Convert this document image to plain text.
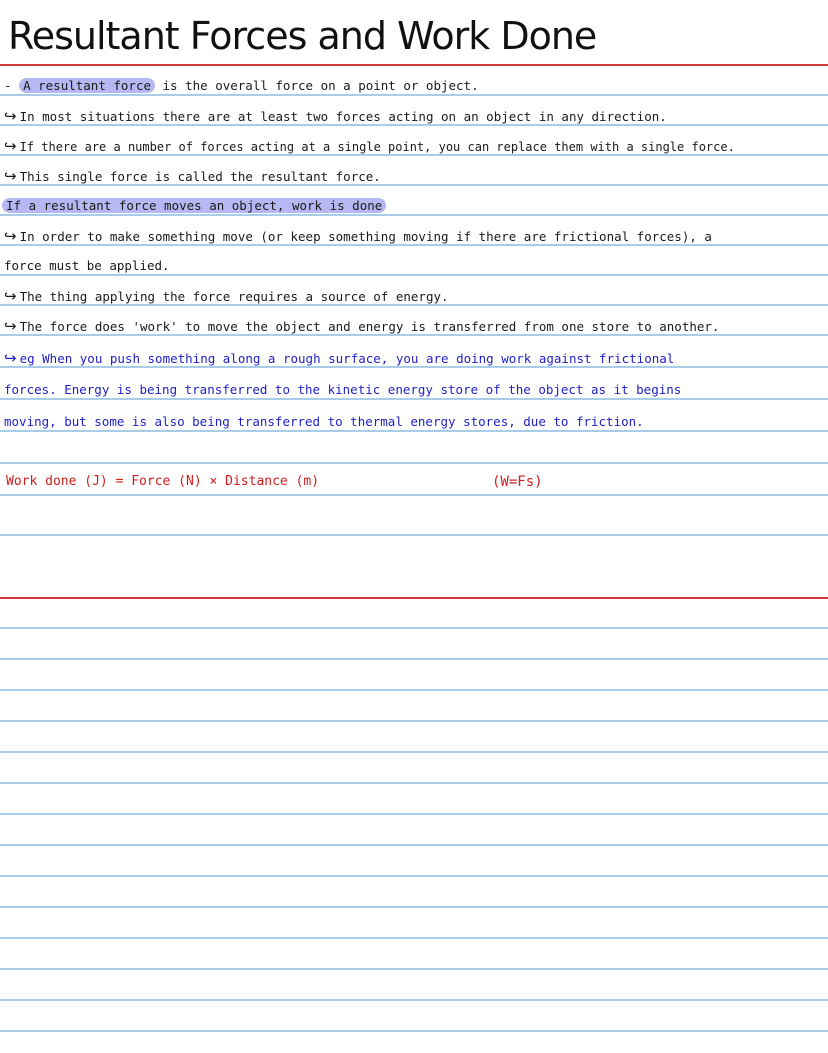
Resultant Forces and Work Done
- A resultant force is the overall force on a point or object.
↪ In most situations there are at least two forces acting on an object in any direction.
↪ If there are a number of forces acting at a single point, you can replace them with a single force.
↪ This single force is called the resultant force.
If a resultant force moves an object, work is done
↪ In order to make something move (or keep something moving if there are frictional forces), a
force must be applied.
↪ The thing applying the force requires a source of energy.
↪ The force does 'work' to move the object and energy is transferred from one store to another.
↪ eg When you push something along a rough surface, you are doing work against frictional
forces. Energy is being transferred to the kinetic energy store of the object as it begins
moving, but some is also being transferred to thermal energy stores, due to friction.
Work done (J) = Force (N) × Distance (m)	(W=Fs)
